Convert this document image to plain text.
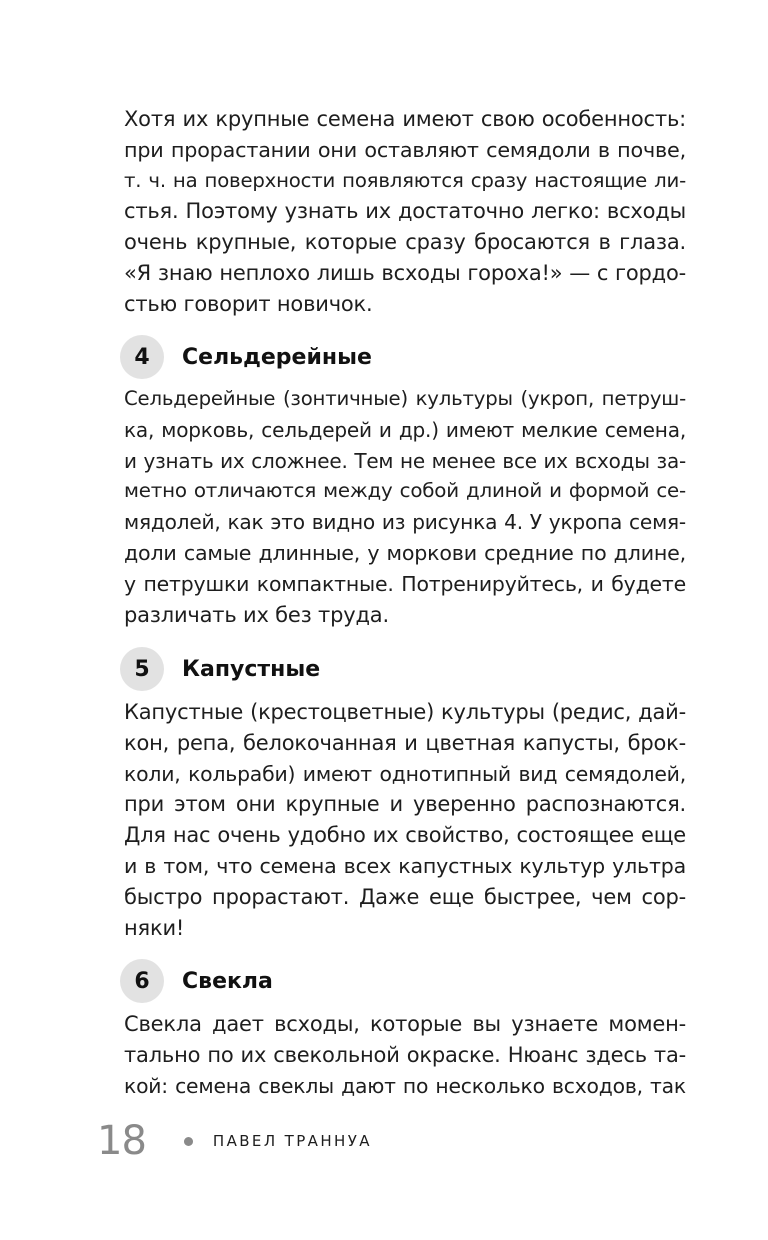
Хотя их крупные семена имеют свою особенность:
при прорастании они оставляют семядоли в почве,
т. ч. на поверхности появляются сразу настоящие ли-
стья. Поэтому узнать их достаточно легко: всходы
очень крупные, которые сразу бросаются в глаза.
«Я знаю неплохо лишь всходы гороха!» — с гордо-
стью говорит новичок.
4	Сельдерейные
Сельдерейные (зонтичные) культуры (укроп, петруш-
ка, морковь, сельдерей и др.) имеют мелкие семена,
и узнать их сложнее. Тем не менее все их всходы за-
метно отличаются между собой длиной и формой се-
мядолей, как это видно из рисунка 4. У укропа семя-
доли самые длинные, у моркови средние по длине,
у петрушки компактные. Потренируйтесь, и будете
различать их без труда.
5	Капустные
Капустные (крестоцветные) культуры (редис, дай-
кон, репа, белокочанная и цветная капусты, брок-
коли, кольраби) имеют однотипный вид семядолей,
при этом они крупные и уверенно распознаются.
Для нас очень удобно их свойство, состоящее еще
и в том, что семена всех капустных культур ультра
быстро прорастают. Даже еще быстрее, чем сор-
няки!
6	Свекла
Свекла дает всходы, которые вы узнаете момен-
тально по их свекольной окраске. Нюанс здесь та-
кой: семена свеклы дают по несколько всходов, так
18	ПАВЕЛ ТРАННУА
